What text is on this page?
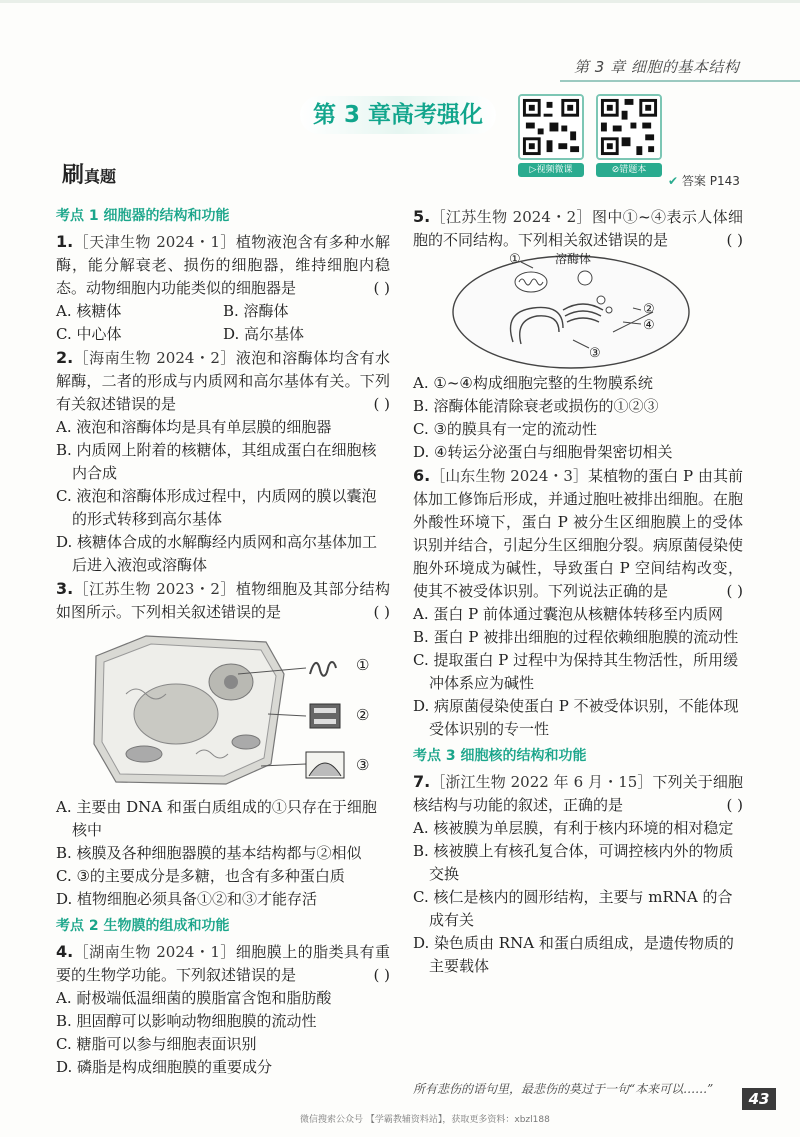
第 3 章 细胞的基本结构
第 3 章高考强化
▷视频微课	⊘错题本
刷真题	✔ 答案 P143
考点 1 细胞器的结构和功能

1.［天津生物 2024・1］植物液泡含有多种水解酶，能分解衰老、损伤的细胞器，维持细胞内稳态。动物细胞内功能类似的细胞器是	( )

A. 核糖体	B. 溶酶体

C. 中心体	D. 高尔基体

2.［海南生物 2024・2］液泡和溶酶体均含有水解酶，二者的形成与内质网和高尔基体有关。下列有关叙述错误的是	( )

A. 液泡和溶酶体均是具有单层膜的细胞器

B. 内质网上附着的核糖体，其组成蛋白在细胞核内合成

C. 液泡和溶酶体形成过程中，内质网的膜以囊泡的形式转移到高尔基体

D. 核糖体合成的水解酶经内质网和高尔基体加工后进入液泡或溶酶体

3.［江苏生物 2023・2］植物细胞及其部分结构如图所示。下列相关叙述错误的是	( )

①
②
③

A. 主要由 DNA 和蛋白质组成的①只存在于细胞核中

B. 核膜及各种细胞器膜的基本结构都与②相似

C. ③的主要成分是多糖，也含有多种蛋白质

D. 植物细胞必须具备①②和③才能存活

考点 2 生物膜的组成和功能

4.［湖南生物 2024・1］细胞膜上的脂类具有重要的生物学功能。下列叙述错误的是	( )

A. 耐极端低温细菌的膜脂富含饱和脂肪酸

B. 胆固醇可以影响动物细胞膜的流动性

C. 糖脂可以参与细胞表面识别

D. 磷脂是构成细胞膜的重要成分

5.［江苏生物 2024・2］图中①~④表示人体细胞的不同结构。下列相关叙述错误的是	( )

①	溶酶体
②
③
④

A. ①~④构成细胞完整的生物膜系统

B. 溶酶体能清除衰老或损伤的①②③

C. ③的膜具有一定的流动性

D. ④转运分泌蛋白与细胞骨架密切相关

6.［山东生物 2024・3］某植物的蛋白 P 由其前体加工修饰后形成，并通过胞吐被排出细胞。在胞外酸性环境下，蛋白 P 被分生区细胞膜上的受体识别并结合，引起分生区细胞分裂。病原菌侵染使胞外环境成为碱性，导致蛋白 P 空间结构改变，使其不被受体识别。下列说法正确的是	( )

A. 蛋白 P 前体通过囊泡从核糖体转移至内质网

B. 蛋白 P 被排出细胞的过程依赖细胞膜的流动性

C. 提取蛋白 P 过程中为保持其生物活性，所用缓冲体系应为碱性

D. 病原菌侵染使蛋白 P 不被受体识别，不能体现受体识别的专一性

考点 3 细胞核的结构和功能

7.［浙江生物 2022 年 6 月・15］下列关于细胞核结构与功能的叙述，正确的是	( )

A. 核被膜为单层膜，有利于核内环境的相对稳定

B. 核被膜上有核孔复合体，可调控核内外的物质交换

C. 核仁是核内的圆形结构，主要与 mRNA 的合成有关

D. 染色质由 RNA 和蛋白质组成，是遗传物质的主要载体

所有悲伤的语句里，最悲伤的莫过于一句“本来可以……”
43
微信搜索公众号 【学霸教辅资料站】，获取更多资料：xbzl188
